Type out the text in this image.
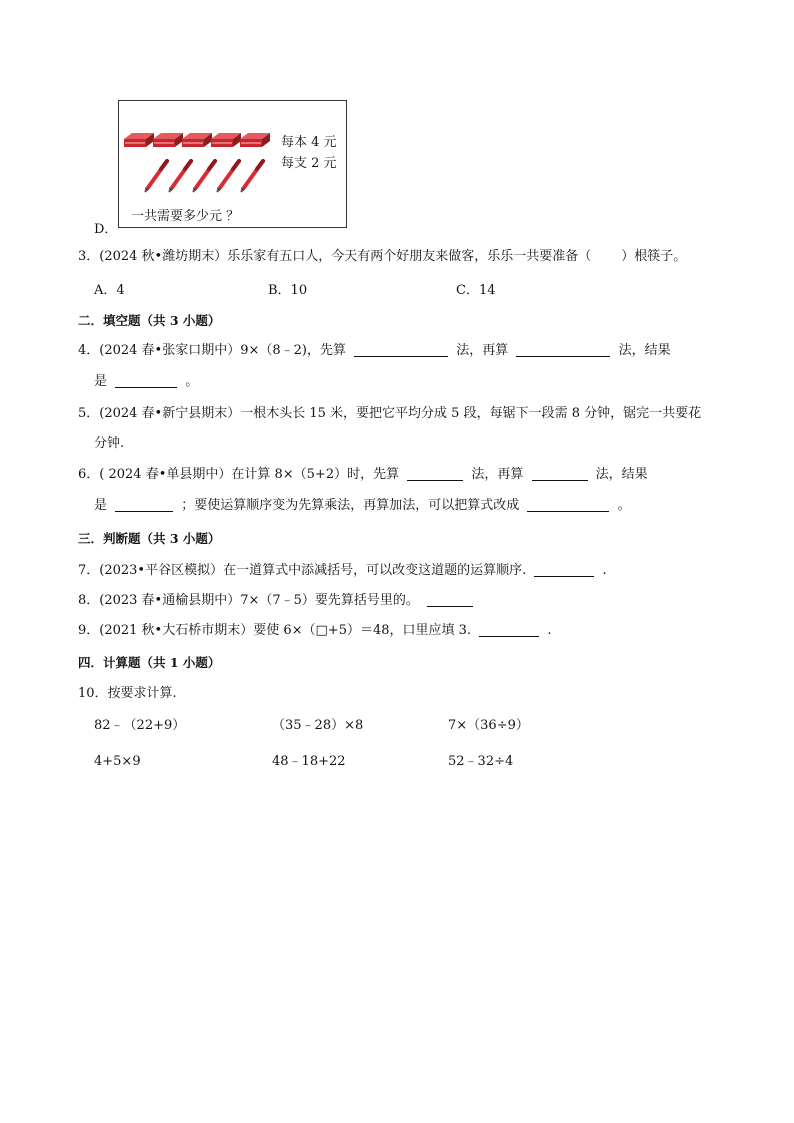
D．
每本 4 元
每支 2 元
一共需要多少元 ？
3．(2024 秋•潍坊期末）乐乐家有五口人，今天有两个好朋友来做客，乐乐一共要准备（ ）根筷子。
A．4	B．10	C．14
二．填空题（共 3 小题）
4．(2024 春•张家口期中）9×（8﹣2)，先算	法，再算	法，结果
是	。
5．(2024 春•新宁县期末）一根木头长 15 米，要把它平均分成 5 段，每锯下一段需 8 分钟，锯完一共要花
分钟.
6．( 2024 春•单县期中）在计算 8×（5+2）时，先算	法，再算	法，结果
是	；要使运算顺序变为先算乘法，再算加法，可以把算式改成	。
三．判断题（共 3 小题）
7．(2023•平谷区模拟）在一道算式中添减括号，可以改变这道题的运算顺序.	.
8．(2023 春•通榆县期中）7×（7﹣5）要先算括号里的。
9．(2021 秋•大石桥市期末）要使 6×（□+5）＝48，口里应填 3.	.
四．计算题（共 1 小题）
10．按要求计算.
82﹣（22+9）	（35﹣28）×8	7×（36÷9）
4+5×9	48﹣18+22	52﹣32÷4
